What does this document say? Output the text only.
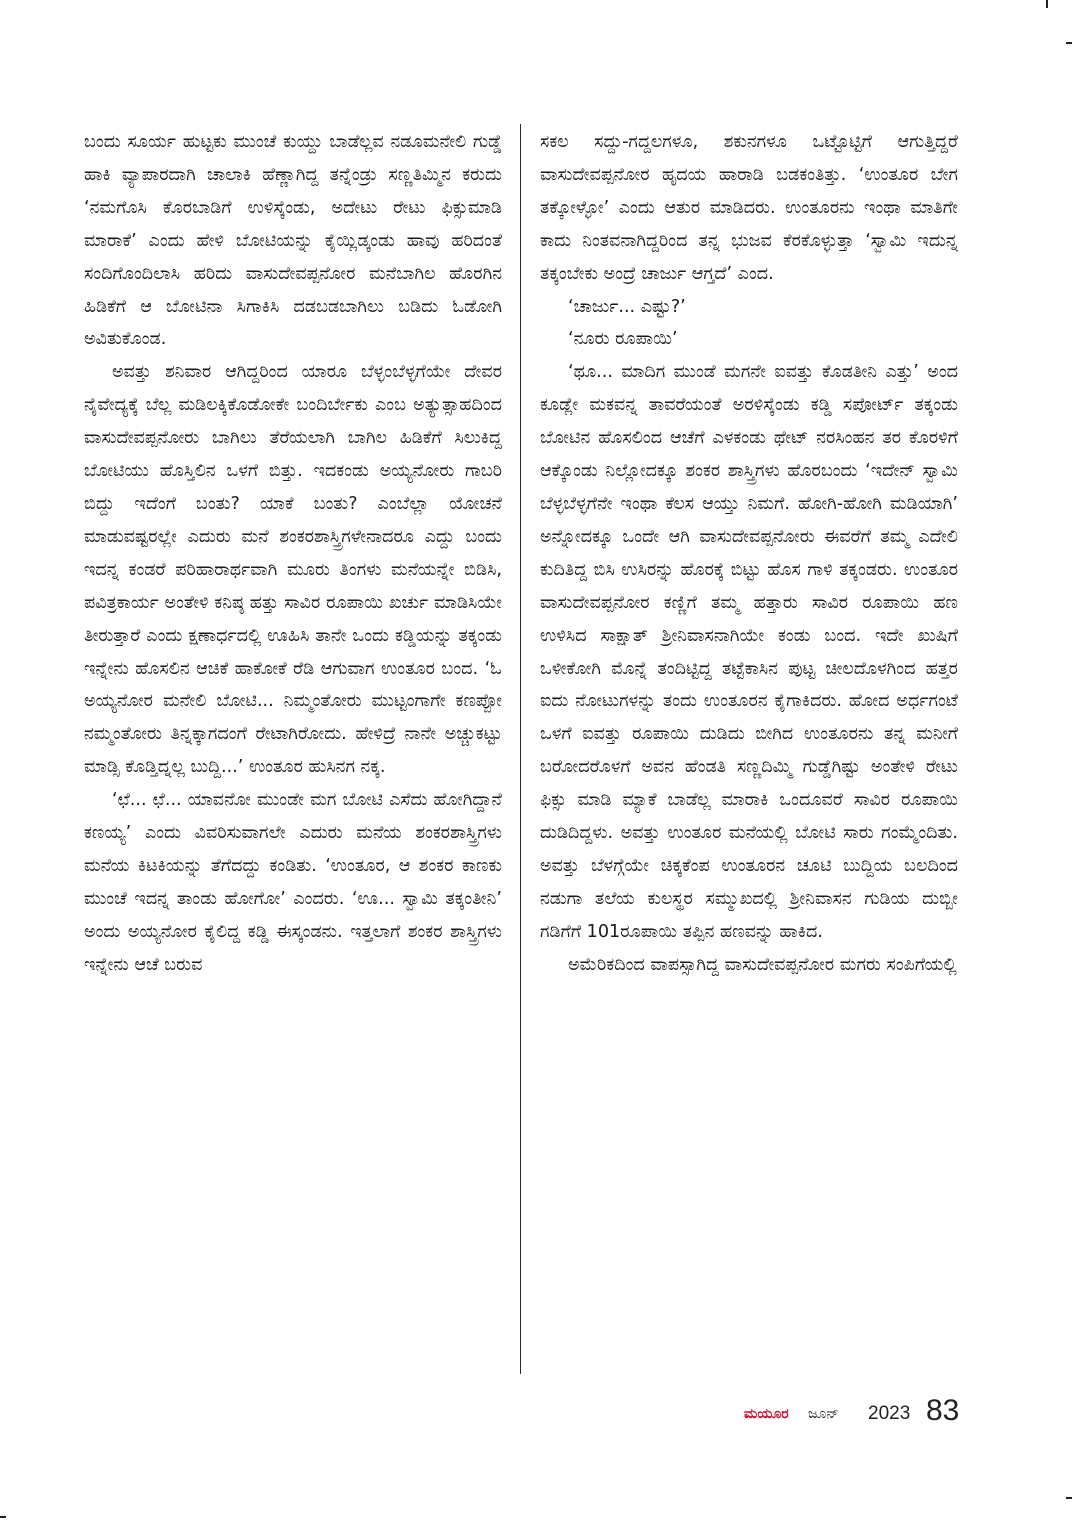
ಬಂದು ಸೂರ್ಯ ಹುಟ್ಟಕು ಮುಂಚೆ ಕುಯ್ದು ಬಾಡೆಲ್ಲವ ನಡೂಮನೇಲಿ ಗುಡ್ಡೆ ಹಾಕಿ ವ್ಯಾಪಾರದಾಗಿ ಚಾಲಾಕಿ ಹೆಣ್ಣಾಗಿದ್ದ ತನ್ನೆಂಡ್ರು ಸಣ್ಣತಿಮ್ಮಿನ ಕರುದು ‘ನಮಗೊಸಿ ಕೊರಬಾಡಿಗೆ ಉಳಿಸ್ಕೆಂಡು, ಅದೇಟು ರೇಟು ಫಿಕ್ಸುಮಾಡಿ ಮಾರಾಕೆ’ ಎಂದು ಹೇಳಿ ಬೋಟಿಯನ್ನು ಕೈಯ್ಲಿಡ್ಕಂಡು ಹಾವು ಹರಿದಂತೆ ಸಂದಿಗೊಂದಿಲಾಸಿ ಹರಿದು ವಾಸುದೇವಪ್ಪನೋರ ಮನೆಬಾಗಿಲ ಹೊರಗಿನ ಹಿಡಿಕೆಗೆ ಆ ಬೋಟಿನಾ ಸಿಗಾಕಿಸಿ ದಡಬಡಬಾಗಿಲು ಬಡಿದು ಓಡೋಗಿ ಅವಿತುಕೊಂಡ.

ಅವತ್ತು ಶನಿವಾರ ಆಗಿದ್ದರಿಂದ ಯಾರೂ ಬೆಳ್ಳಂಬೆಳ್ಳಗೆಯೇ ದೇವರ ನೈವೇದ್ಯಕ್ಕೆ ಬೆಲ್ಲ ಮಡಿಲಕ್ಕಿಕೊಡೋಕೇ ಬಂದಿರ್ಬೇಕು ಎಂಬ ಅತ್ಯುತ್ಸಾಹದಿಂದ ವಾಸುದೇವಪ್ಪನೋರು ಬಾಗಿಲು ತೆರೆಯಲಾಗಿ ಬಾಗಿಲ ಹಿಡಿಕೆಗೆ ಸಿಲುಕಿದ್ದ ಬೋಟಿಯು ಹೊಸ್ತಿಲಿನ ಒಳಗೆ ಬಿತ್ತು. ಇದಕಂಡು ಅಯ್ಯನೋರು ಗಾಬರಿ ಬಿದ್ದು ಇದೆಂಗೆ ಬಂತು? ಯಾಕೆ ಬಂತು? ಎಂಬೆಲ್ಲಾ ಯೋಚನೆ ಮಾಡುವಷ್ಟರಲ್ಲೇ ಎದುರು ಮನೆ ಶಂಕರಶಾಸ್ತ್ರಿಗಳೇನಾದರೂ ಎದ್ದು ಬಂದು ಇದನ್ನ ಕಂಡರೆ ಪರಿಹಾರಾರ್ಥವಾಗಿ ಮೂರು ತಿಂಗಳು ಮನೆಯನ್ನೇ ಬಿಡಿಸಿ, ಪವಿತ್ರಕಾರ್ಯ ಅಂತೇಳಿ ಕನಿಷ್ಠ ಹತ್ತು ಸಾವಿರ ರೂಪಾಯಿ ಖರ್ಚು ಮಾಡಿಸಿಯೇ ತೀರುತ್ತಾರೆ ಎಂದು ಕ್ಷಣಾರ್ಧದಲ್ಲಿ ಊಹಿಸಿ ತಾನೇ ಒಂದು ಕಡ್ಡಿಯನ್ನು ತಕ್ಕಂಡು ಇನ್ನೇನು ಹೊಸಲಿನ ಆಚಿಕೆ ಹಾಕೋಕೆ ರೆಡಿ ಆಗುವಾಗ ಉಂತೂರ ಬಂದ. ‘ಓ ಅಯ್ಯನೋರ ಮನೇಲಿ ಬೋಟಿ... ನಿಮ್ಮಂತೋರು ಮುಟ್ಟಂಗಾಗೇ ಕಣಪ್ಪೋ ನಮ್ಮಂತೋರು ತಿನ್ನಕ್ಕಾಗದಂಗೆ ರೇಟಾಗಿರೋದು. ಹೇಳಿದ್ರೆ ನಾನೇ ಅಚ್ಚುಕಟ್ಟು ಮಾಡ್ಸಿ ಕೊಡ್ತಿದ್ನಲ್ಲ ಬುದ್ದಿ...’ ಉಂತೂರ ಹುಸಿನಗ ನಕ್ಕ.

‘ಛೆ... ಛೆ... ಯಾವನೋ ಮುಂಡೇ ಮಗ ಬೋಟಿ ಎಸೆದು ಹೋಗಿದ್ದಾನೆ ಕಣಯ್ಯ’ ಎಂದು ವಿವರಿಸುವಾಗಲೇ ಎದುರು ಮನೆಯ ಶಂಕರಶಾಸ್ತ್ರಿಗಳು ಮನೆಯ ಕಿಟಕಿಯನ್ನು ತೆಗೆದದ್ದು ಕಂಡಿತು. ‘ಉಂತೂರ, ಆ ಶಂಕರ ಕಾಣಕು ಮುಂಚೆ ಇದನ್ನ ತಾಂಡು ಹೋಗೋ’ ಎಂದರು. ‘ಊ... ಸ್ವಾಮಿ ತಕ್ಕಂತೀನಿ’ ಅಂದು ಅಯ್ಯನೋರ ಕೈಲಿದ್ದ ಕಡ್ಡಿ ಈಸ್ಕಂಡನು. ಇತ್ತಲಾಗೆ ಶಂಕರ ಶಾಸ್ತ್ರಿಗಳು ಇನ್ನೇನು ಆಚೆ ಬರುವ

ಸಕಲ ಸದ್ದು-ಗದ್ದಲಗಳೂ, ಶಕುನಗಳೂ ಒಟ್ಟೊಟ್ಟಿಗೆ ಆಗುತ್ತಿದ್ದರೆ ವಾಸುದೇವಪ್ಪನೋರ ಹೃದಯ ಹಾರಾಡಿ ಬಡಕಂತಿತ್ತು. ‘ಉಂತೂರ ಬೇಗ ತಕ್ಕೋಳ್ಳೋ’ ಎಂದು ಆತುರ ಮಾಡಿದರು. ಉಂತೂರನು ಇಂಥಾ ಮಾತಿಗೇ ಕಾದು ನಿಂತವನಾಗಿದ್ದರಿಂದ ತನ್ನ ಭುಜವ ಕೆರಕೊಳ್ಳುತ್ತಾ ‘ಸ್ವಾಮಿ ಇದುನ್ನ ತಕ್ಕಂಬೇಕು ಅಂದ್ರೆ ಚಾರ್ಜು ಆಗ್ತದೆ’ ಎಂದ.

‘ಚಾರ್ಜು... ಎಷ್ಟು?’

‘ನೂರು ರೂಪಾಯಿ’

‘ಥೂ... ಮಾದಿಗ ಮುಂಡೆ ಮಗನೇ ಐವತ್ತು ಕೊಡತೀನಿ ಎತ್ತು’ ಅಂದ ಕೂಡ್ಲೇ ಮಕವನ್ನ ತಾವರೆಯಂತೆ ಅರಳಿಸ್ಕೆಂಡು ಕಡ್ಡಿ ಸಪೋರ್ಟ್ ತಕ್ಕಂಡು ಬೋಟಿನ ಹೊಸಲಿಂದ ಆಚೆಗೆ ಎಳಕಂಡು ಥೇಟ್ ನರಸಿಂಹನ ತರ ಕೊರಳಿಗೆ ಆಕ್ಕೊಂಡು ನಿಲ್ಲೋದಕ್ಕೂ ಶಂಕರ ಶಾಸ್ತ್ರಿಗಳು ಹೊರಬಂದು ‘ಇದೇನ್ ಸ್ವಾಮಿ ಬೆಳ್ಳಬೆಳ್ಳಗೆನೇ ಇಂಥಾ ಕೆಲಸ ಆಯ್ತು ನಿಮಗೆ. ಹೋಗಿ-ಹೋಗಿ ಮಡಿಯಾಗಿ’ ಅನ್ನೋದಕ್ಕೂ ಒಂದೇ ಆಗಿ ವಾಸುದೇವಪ್ಪನೋರು ಈವರೆಗೆ ತಮ್ಮ ಎದೇಲಿ ಕುದಿತಿದ್ದ ಬಿಸಿ ಉಸಿರನ್ನು ಹೊರಕ್ಕೆ ಬಿಟ್ಟು ಹೊಸ ಗಾಳಿ ತಕ್ಕಂಡರು. ಉಂತೂರ ವಾಸುದೇವಪ್ಪನೋರ ಕಣ್ಣಿಗೆ ತಮ್ಮ ಹತ್ತಾರು ಸಾವಿರ ರೂಪಾಯಿ ಹಣ ಉಳಿಸಿದ ಸಾಕ್ಷಾತ್ ಶ್ರೀನಿವಾಸನಾಗಿಯೇ ಕಂಡು ಬಂದ. ಇದೇ ಖುಷಿಗೆ ಒಳೀಕೋಗಿ ಮೊನ್ನೆ ತಂದಿಟ್ಟಿದ್ದ ತಟ್ಟೆಕಾಸಿನ ಪುಟ್ಟ ಚೀಲದೊಳಗಿಂದ ಹತ್ತರ ಐದು ನೋಟುಗಳನ್ನು ತಂದು ಉಂತೂರನ ಕೈಗಾಕಿದರು. ಹೋದ ಅರ್ಧಗಂಟೆ ಒಳಗೆ ಐವತ್ತು ರೂಪಾಯಿ ದುಡಿದು ಬೀಗಿದ ಉಂತೂರನು ತನ್ನ ಮನೀಗೆ ಬರೋದರೊಳಗೆ ಅವನ ಹೆಂಡತಿ ಸಣ್ಣದಿಮ್ಮಿ ಗುಡ್ಡೆಗಿಷ್ಟು ಅಂತೇಳಿ ರೇಟು ಫಿಕ್ಸು ಮಾಡಿ ಮ್ಯಾಕೆ ಬಾಡೆಲ್ಲ ಮಾರಾಕಿ ಒಂದೂವರೆ ಸಾವಿರ ರೂಪಾಯಿ ದುಡಿದಿದ್ದಳು. ಅವತ್ತು ಉಂತೂರ ಮನೆಯಲ್ಲಿ ಬೋಟಿ ಸಾರು ಗಂಮ್ಮೆಂದಿತು. ಅವತ್ತು ಬೆಳಗ್ಗೆಯೇ ಚಿಕ್ಕಕೆಂಪ ಉಂತೂರನ ಚೂಟಿ ಬುದ್ದಿಯ ಬಲದಿಂದ ನಡುಗಾ ತಲೆಯ ಕುಲಸ್ಥರ ಸಮ್ಮುಖದಲ್ಲಿ ಶ್ರೀನಿವಾಸನ ಗುಡಿಯ ದುಬ್ಬೀ ಗಡಿಗೆಗೆ 101ರೂಪಾಯಿ ತಪ್ಪಿನ ಹಣವನ್ನು ಹಾಕಿದ.

ಅಮೆರಿಕದಿಂದ ವಾಪಸ್ಸಾಗಿದ್ದ ವಾಸುದೇವಪ್ಪನೋರ ಮಗರು ಸಂಪಿಗೆಯಲ್ಲಿ

ಮಯೂರ ಜೂನ್ 2023 83
